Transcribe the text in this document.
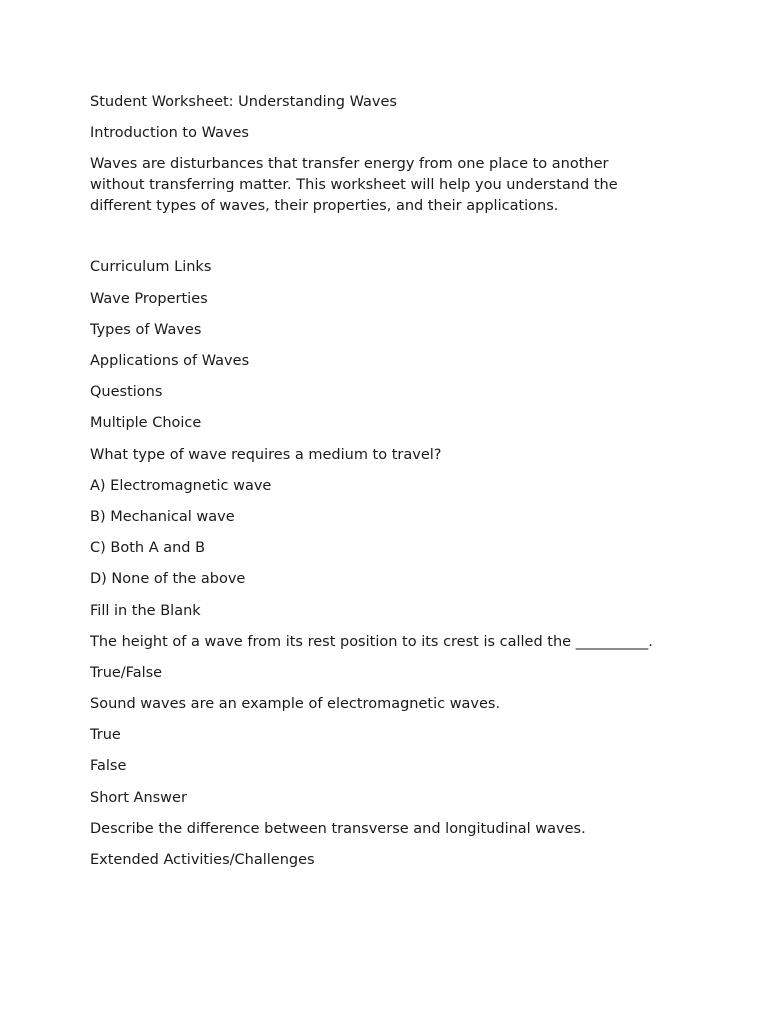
Student Worksheet: Understanding Waves

Introduction to Waves

Waves are disturbances that transfer energy from one place to another without transferring matter. This worksheet will help you understand the different types of waves, their properties, and their applications.

Curriculum Links

Wave Properties

Types of Waves

Applications of Waves

Questions

Multiple Choice

What type of wave requires a medium to travel?

A) Electromagnetic wave

B) Mechanical wave

C) Both A and B

D) None of the above

Fill in the Blank

The height of a wave from its rest position to its crest is called the __________.

True/False

Sound waves are an example of electromagnetic waves.

True

False

Short Answer

Describe the difference between transverse and longitudinal waves.

Extended Activities/Challenges
